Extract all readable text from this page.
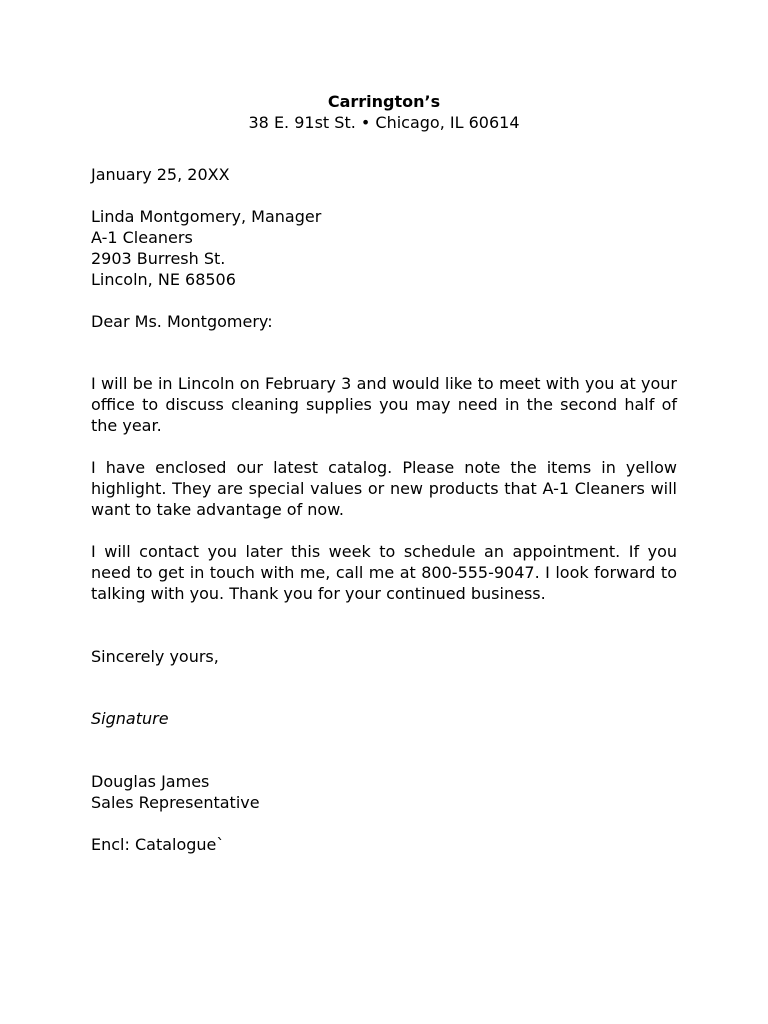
Carrington’s
38 E. 91st St. • Chicago, IL 60614

January 25, 20XX

Linda Montgomery, Manager
A-1 Cleaners
2903 Burresh St.
Lincoln, NE 68506

Dear Ms. Montgomery:

I will be in Lincoln on February 3 and would like to meet with you at your office to discuss cleaning supplies you may need in the second half of the year.

I have enclosed our latest catalog. Please note the items in yellow highlight. They are special values or new products that A-1 Cleaners will want to take advantage of now.

I will contact you later this week to schedule an appointment. If you need to get in touch with me, call me at 800-555-9047. I look forward to talking with you. Thank you for your continued business.

Sincerely yours,

Signature

Douglas James
Sales Representative
Encl: Catalogue`
